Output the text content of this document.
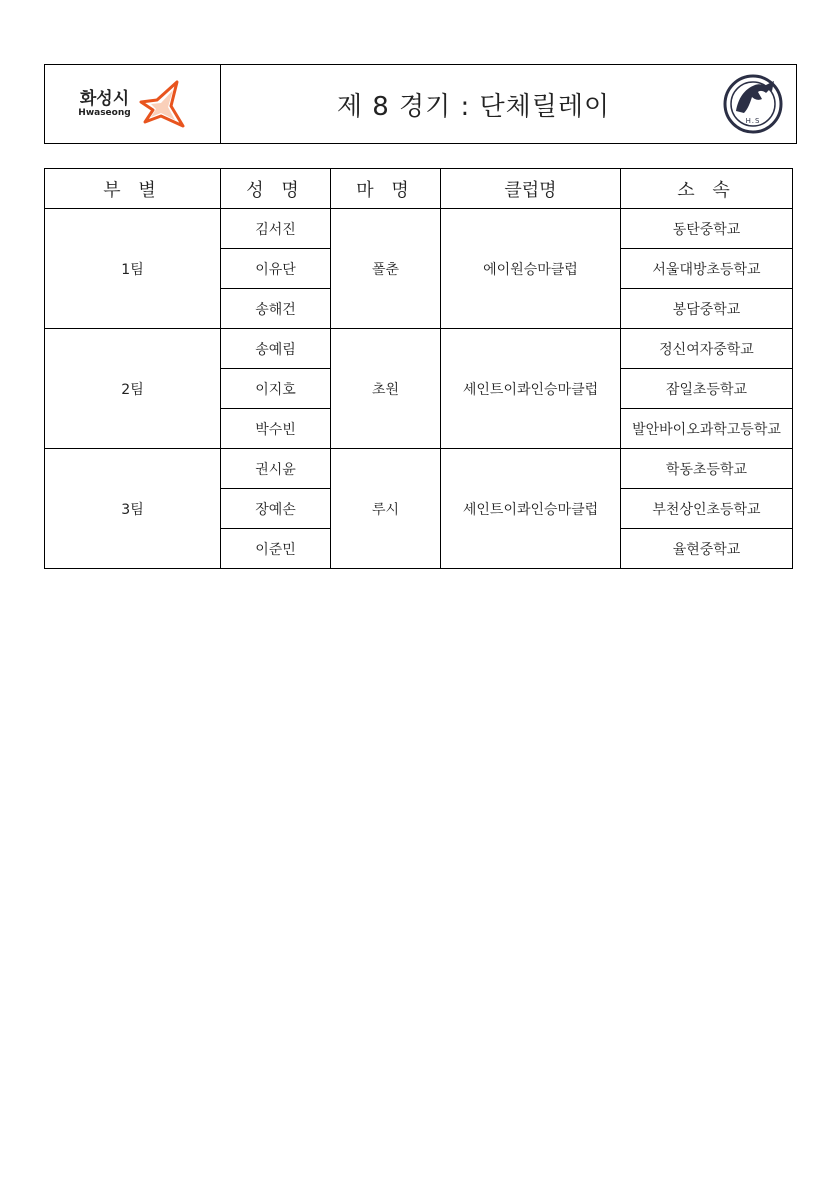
화성시
Hwaseong	제 8 경기 : 단체릴레이	H.S
부 별	성 명	마 명	클럽명	소 속
1팀	김서진	폴춘	에이원승마클럽	동탄중학교
	이유단			서울대방초등학교
	송해건			봉담중학교
2팀	송예림	초원	세인트이콰인승마클럽	정신여자중학교
	이지호			잠일초등학교
	박수빈			발안바이오과학고등학교
3팀	권시윤	루시	세인트이콰인승마클럽	학동초등학교
	장예손			부천상인초등학교
	이준민			율현중학교
